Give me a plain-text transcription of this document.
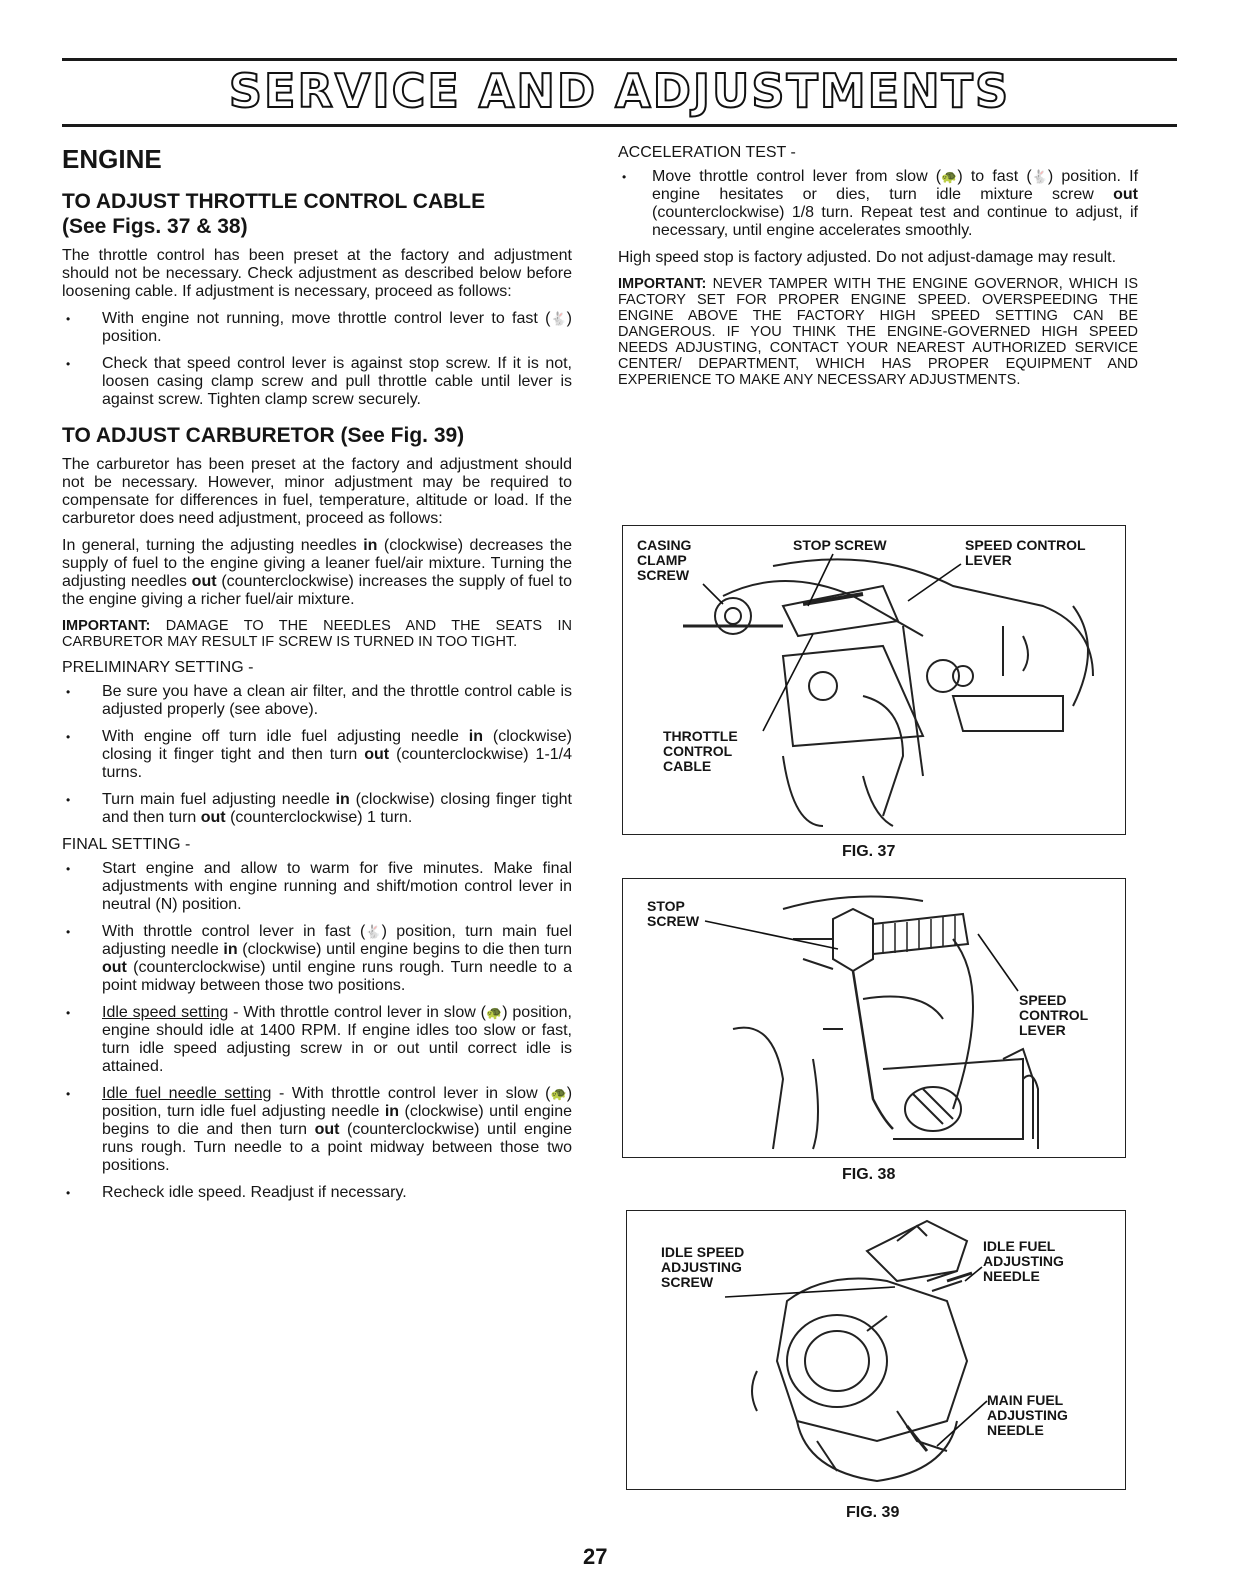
SERVICE AND ADJUSTMENTS
ENGINE
TO ADJUST THROTTLE CONTROL CABLE
(See Figs. 37 & 38)

The throttle control has been preset at the factory and adjustment should not be necessary. Check adjustment as described below before loosening cable. If adjustment is necessary, proceed as follows:

• With engine not running, move throttle control lever to fast (🐇) position.
• Check that speed control lever is against stop screw. If it is not, loosen casing clamp screw and pull throttle cable until lever is against screw. Tighten clamp screw securely.
TO ADJUST CARBURETOR (See Fig. 39)

The carburetor has been preset at the factory and adjustment should not be necessary. However, minor adjustment may be required to compensate for differences in fuel, temperature, altitude or load. If the carburetor does need adjustment, proceed as follows:

In general, turning the adjusting needles in (clockwise) decreases the supply of fuel to the engine giving a leaner fuel/air mixture. Turning the adjusting needles out (counterclockwise) increases the supply of fuel to the engine giving a richer fuel/air mixture.

IMPORTANT: DAMAGE TO THE NEEDLES AND THE SEATS IN CARBURETOR MAY RESULT IF SCREW IS TURNED IN TOO TIGHT.

PRELIMINARY SETTING -
• Be sure you have a clean air filter, and the throttle control cable is adjusted properly (see above).
• With engine off turn idle fuel adjusting needle in (clockwise) closing it finger tight and then turn out (counterclockwise) 1-1/4 turns.
• Turn main fuel adjusting needle in (clockwise) closing finger tight and then turn out (counterclockwise) 1 turn.
FINAL SETTING -
• Start engine and allow to warm for five minutes. Make final adjustments with engine running and shift/motion control lever in neutral (N) position.
• With throttle control lever in fast (🐇) position, turn main fuel adjusting needle in (clockwise) until engine begins to die then turn out (counterclockwise) until engine runs rough. Turn needle to a point midway between those two positions.
• Idle speed setting - With throttle control lever in slow (🐢) position, engine should idle at 1400 RPM. If engine idles too slow or fast, turn idle speed adjusting screw in or out until correct idle is attained.
• Idle fuel needle setting - With throttle control lever in slow (🐢) position, turn idle fuel adjusting needle in (clockwise) until engine begins to die and then turn out (counterclockwise) until engine runs rough. Turn needle to a point midway between those two positions.
• Recheck idle speed. Readjust if necessary.
ACCELERATION TEST -
• Move throttle control lever from slow (🐢) to fast (🐇) position. If engine hesitates or dies, turn idle mixture screw out (counterclockwise) 1/8 turn. Repeat test and continue to adjust, if necessary, until engine accelerates smoothly.

High speed stop is factory adjusted. Do not adjust-damage may result.

IMPORTANT: NEVER TAMPER WITH THE ENGINE GOVERNOR, WHICH IS FACTORY SET FOR PROPER ENGINE SPEED. OVERSPEEDING THE ENGINE ABOVE THE FACTORY HIGH SPEED SETTING CAN BE DANGEROUS. IF YOU THINK THE ENGINE-GOVERNED HIGH SPEED NEEDS ADJUSTING, CONTACT YOUR NEAREST AUTHORIZED SERVICE CENTER/ DEPARTMENT, WHICH HAS PROPER EQUIPMENT AND EXPERIENCE TO MAKE ANY NECESSARY ADJUSTMENTS.

CASING
CLAMP
SCREW
STOP SCREW	SPEED CONTROL
LEVER
THROTTLE
CONTROL
CABLE
FIG. 37
STOP
SCREW
SPEED
CONTROL
LEVER
FIG. 38
IDLE SPEED
ADJUSTING
SCREW
IDLE FUEL
ADJUSTING
NEEDLE
MAIN FUEL
ADJUSTING
NEEDLE
FIG. 39
27
